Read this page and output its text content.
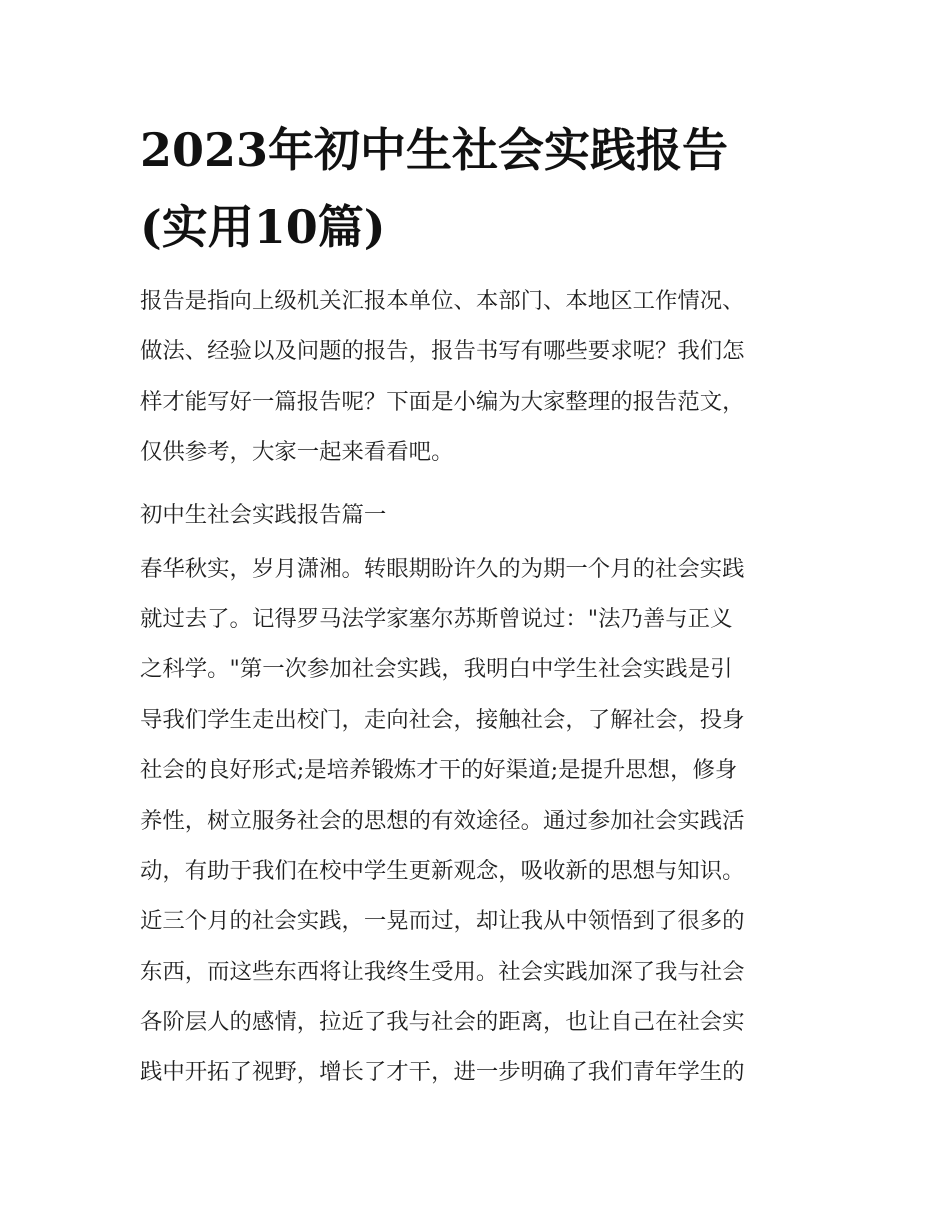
2023年初中生社会实践报告
(实用10篇)
报告是指向上级机关汇报本单位、本部门、本地区工作情况、
做法、经验以及问题的报告，报告书写有哪些要求呢？我们怎
样才能写好一篇报告呢？下面是小编为大家整理的报告范文，
仅供参考，大家一起来看看吧。
初中生社会实践报告篇一
春华秋实，岁月潇湘。转眼期盼许久的为期一个月的社会实践
就过去了。记得罗马法学家塞尔苏斯曾说过："法乃善与正义
之科学。"第一次参加社会实践，我明白中学生社会实践是引
导我们学生走出校门，走向社会，接触社会，了解社会，投身
社会的良好形式;是培养锻炼才干的好渠道;是提升思想，修身
养性，树立服务社会的思想的有效途径。通过参加社会实践活
动，有助于我们在校中学生更新观念，吸收新的思想与知识。
近三个月的社会实践，一晃而过，却让我从中领悟到了很多的
东西，而这些东西将让我终生受用。社会实践加深了我与社会
各阶层人的感情，拉近了我与社会的距离，也让自己在社会实
践中开拓了视野，增长了才干，进一步明确了我们青年学生的
